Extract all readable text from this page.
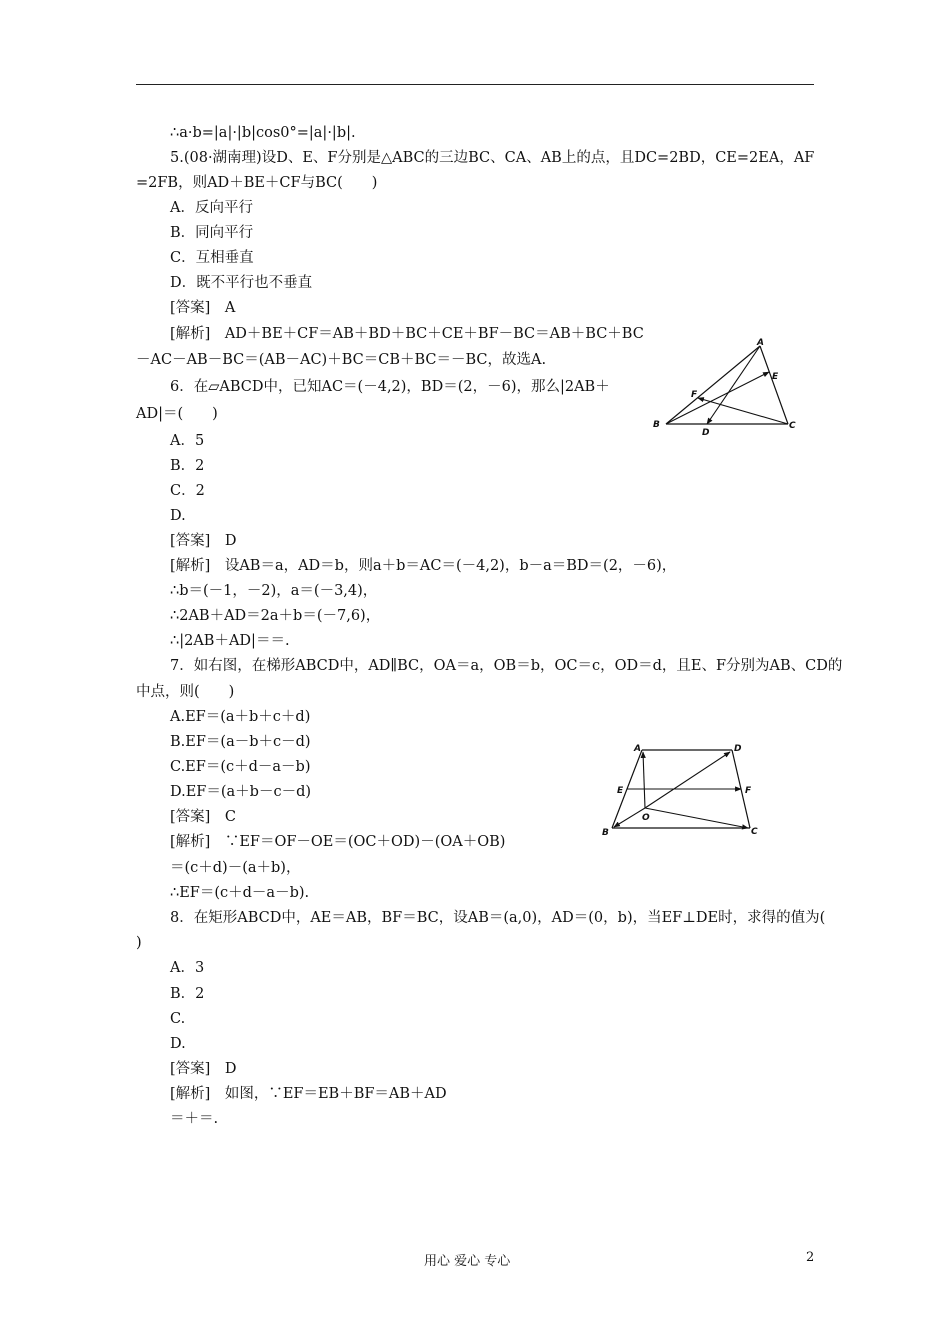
∴a·b=|a|·|b|cos0°=|a|·|b|.
5.(08·湖南理)设D、E、F分别是△ABC的三边BC、CA、AB上的点，且DC=2BD，CE=2EA，AF
=2FB，则AD＋BE＋CF与BC(　　)
A．反向平行
B．同向平行
C．互相垂直
D．既不平行也不垂直
[答案]　A
[解析]　AD＋BE＋CF＝AB＋BD＋BC＋CE＋BF－BC＝AB＋BC＋BC
－AC－AB－BC＝(AB－AC)＋BC＝CB＋BC＝－BC，故选A.
6．在▱ABCD中，已知AC＝(－4,2)，BD＝(2，－6)，那么|2AB＋
AD|＝(　　)
A．5
B．2
C．2
D.
[答案]　D
[解析]　设AB＝a，AD＝b，则a＋b＝AC＝(－4,2)，b－a＝BD＝(2，－6)，
∴b＝(－1，－2)，a＝(－3,4)，
∴2AB＋AD＝2a＋b＝(－7,6)，
∴|2AB＋AD|＝＝.
7．如右图，在梯形ABCD中，AD∥BC，OA＝a，OB＝b，OC＝c，OD＝d，且E、F分别为AB、CD的
中点，则(　　)
A.EF＝(a＋b＋c＋d)
B.EF＝(a－b＋c－d)
C.EF＝(c＋d－a－b)
D.EF＝(a＋b－c－d)
[答案]　C
[解析]　∵EF＝OF－OE＝(OC＋OD)－(OA＋OB)
＝(c＋d)－(a＋b)，
∴EF＝(c＋d－a－b).
8．在矩形ABCD中，AE＝AB，BF＝BC，设AB＝(a,0)，AD＝(0，b)，当EF⊥DE时，求得的值为(
)
A．3
B．2
C.
D.
[答案]　D
[解析]　如图，∵EF＝EB＋BF＝AB＋AD
＝＋＝.
A
B	C
D
E
F
A	D
E	F
O
B	C
用心 爱心 专心	2
